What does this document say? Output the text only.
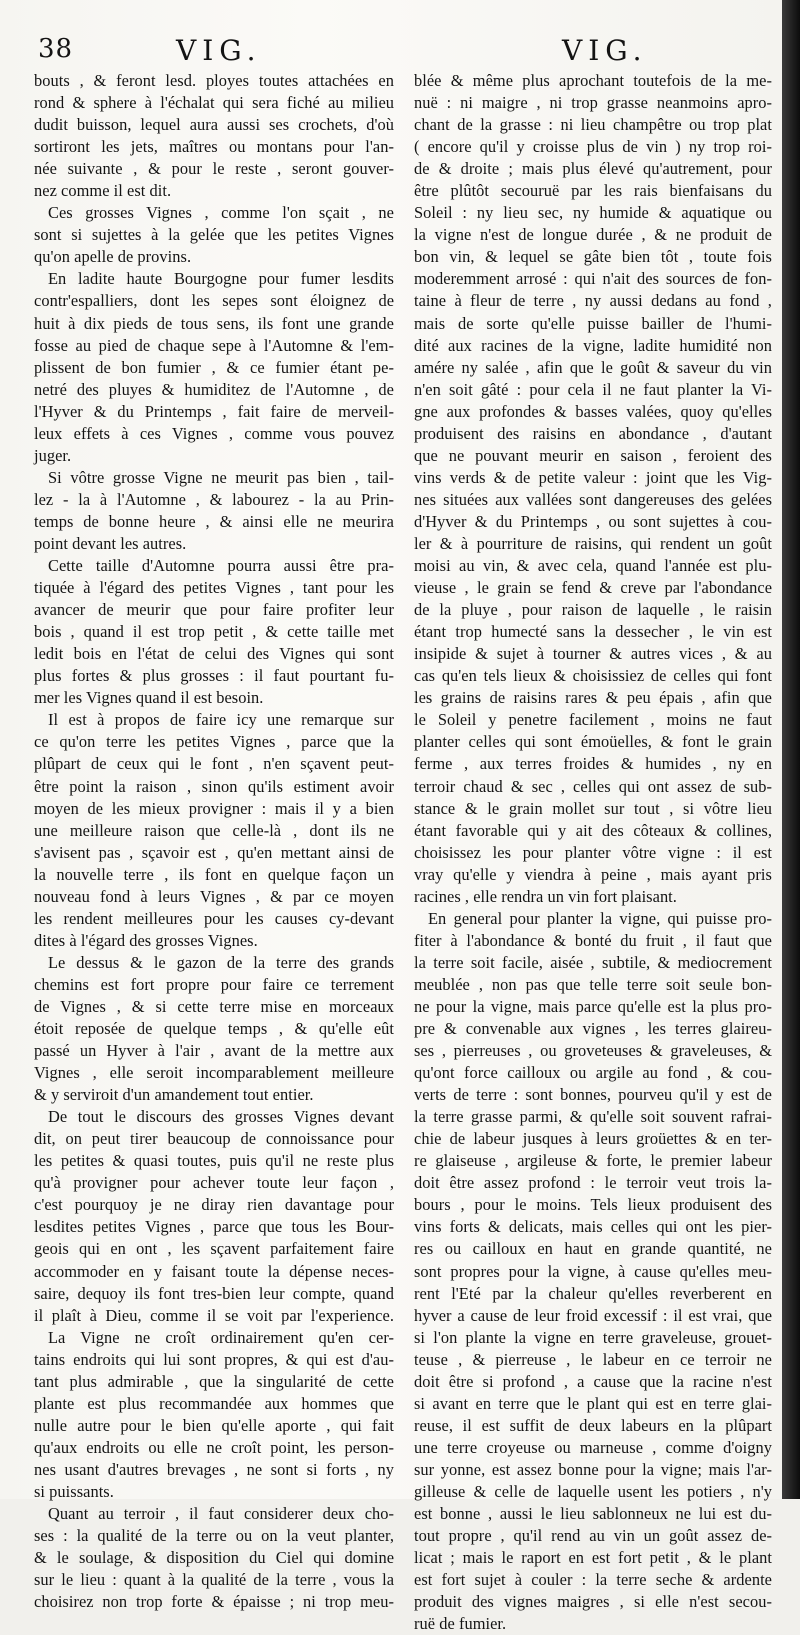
38	VIG.	VIG.
bouts , & feront lesd. ployes toutes attachées en
rond & sphere à l'échalat qui sera fiché au milieu
dudit buisson, lequel aura aussi ses crochets, d'où
sortiront les jets, maîtres ou montans pour l'an-
née suivante , & pour le reste , seront gouver-
nez comme il est dit.
Ces grosses Vignes , comme l'on sçait , ne
sont si sujettes à la gelée que les petites Vignes
qu'on apelle de provins.
En ladite haute Bourgogne pour fumer lesdits
contr'espalliers, dont les sepes sont éloignez de
huit à dix pieds de tous sens, ils font une grande
fosse au pied de chaque sepe à l'Automne & l'em-
plissent de bon fumier , & ce fumier étant pe-
netré des pluyes & humiditez de l'Automne , de
l'Hyver & du Printemps , fait faire de merveil-
leux effets à ces Vignes , comme vous pouvez
juger.
Si vôtre grosse Vigne ne meurit pas bien , tail-
lez - la à l'Automne , & labourez - la au Prin-
temps de bonne heure , & ainsi elle ne meurira
point devant les autres.
Cette taille d'Automne pourra aussi être pra-
tiquée à l'égard des petites Vignes , tant pour les
avancer de meurir que pour faire profiter leur
bois , quand il est trop petit , & cette taille met
ledit bois en l'état de celui des Vignes qui sont
plus fortes & plus grosses : il faut pourtant fu-
mer les Vignes quand il est besoin.
Il est à propos de faire icy une remarque sur
ce qu'on terre les petites Vignes , parce que la
plûpart de ceux qui le font , n'en sçavent peut-
être point la raison , sinon qu'ils estiment avoir
moyen de les mieux provigner : mais il y a bien
une meilleure raison que celle-là , dont ils ne
s'avisent pas , sçavoir est , qu'en mettant ainsi de
la nouvelle terre , ils font en quelque façon un
nouveau fond à leurs Vignes , & par ce moyen
les rendent meilleures pour les causes cy-devant
dites à l'égard des grosses Vignes.
Le dessus & le gazon de la terre des grands
chemins est fort propre pour faire ce terrement
de Vignes , & si cette terre mise en morceaux
étoit reposée de quelque temps , & qu'elle eût
passé un Hyver à l'air , avant de la mettre aux
Vignes , elle seroit incomparablement meilleure
& y serviroit d'un amandement tout entier.
De tout le discours des grosses Vignes devant
dit, on peut tirer beaucoup de connoissance pour
les petites & quasi toutes, puis qu'il ne reste plus
qu'à provigner pour achever toute leur façon ,
c'est pourquoy je ne diray rien davantage pour
lesdites petites Vignes , parce que tous les Bour-
geois qui en ont , les sçavent parfaitement faire
accommoder en y faisant toute la dépense neces-
saire, dequoy ils font tres-bien leur compte, quand
il plaît à Dieu, comme il se voit par l'experience.
La Vigne ne croît ordinairement qu'en cer-
tains endroits qui lui sont propres, & qui est d'au-
tant plus admirable , que la singularité de cette
plante est plus recommandée aux hommes que
nulle autre pour le bien qu'elle aporte , qui fait
qu'aux endroits ou elle ne croît point, les person-
nes usant d'autres brevages , ne sont si forts , ny
si puissants.
Quant au terroir , il faut considerer deux cho-
ses : la qualité de la terre ou on la veut planter,
& le soulage, & disposition du Ciel qui domine
sur le lieu : quant à la qualité de la terre , vous la
choisirez non trop forte & épaisse ; ni trop meu-
blée & même plus aprochant toutefois de la me-
nuë : ni maigre , ni trop grasse neanmoins apro-
chant de la grasse : ni lieu champêtre ou trop plat
( encore qu'il y croisse plus de vin ) ny trop roi-
de & droite ; mais plus élevé qu'autrement, pour
être plûtôt secouruë par les rais bienfaisans du
Soleil : ny lieu sec, ny humide & aquatique ou
la vigne n'est de longue durée , & ne produit de
bon vin, & lequel se gâte bien tôt , toute fois
moderemment arrosé : qui n'ait des sources de fon-
taine à fleur de terre , ny aussi dedans au fond ,
mais de sorte qu'elle puisse bailler de l'humi-
dité aux racines de la vigne, ladite humidité non
amére ny salée , afin que le goût & saveur du vin
n'en soit gâté : pour cela il ne faut planter la Vi-
gne aux profondes & basses valées, quoy qu'elles
produisent des raisins en abondance , d'autant
que ne pouvant meurir en saison , feroient des
vins verds & de petite valeur : joint que les Vig-
nes situées aux vallées sont dangereuses des gelées
d'Hyver & du Printemps , ou sont sujettes à cou-
ler & à pourriture de raisins, qui rendent un goût
moisi au vin, & avec cela, quand l'année est plu-
vieuse , le grain se fend & creve par l'abondance
de la pluye , pour raison de laquelle , le raisin
étant trop humecté sans la dessecher , le vin est
insipide & sujet à tourner & autres vices , & au
cas qu'en tels lieux & choisissiez de celles qui font
les grains de raisins rares & peu épais , afin que
le Soleil y penetre facilement , moins ne faut
planter celles qui sont émoüelles, & font le grain
ferme , aux terres froides & humides , ny en
terroir chaud & sec , celles qui ont assez de sub-
stance & le grain mollet sur tout , si vôtre lieu
étant favorable qui y ait des côteaux & collines,
choisissez les pour planter vôtre vigne : il est
vray qu'elle y viendra à peine , mais ayant pris
racines , elle rendra un vin fort plaisant.
En general pour planter la vigne, qui puisse pro-
fiter à l'abondance & bonté du fruit , il faut que
la terre soit facile, aisée , subtile, & mediocrement
meublée , non pas que telle terre soit seule bon-
ne pour la vigne, mais parce qu'elle est la plus pro-
pre & convenable aux vignes , les terres glaireu-
ses , pierreuses , ou groveteuses & graveleuses, &
qu'ont force cailloux ou argile au fond , & cou-
verts de terre : sont bonnes, pourveu qu'il y est de
la terre grasse parmi, & qu'elle soit souvent rafrai-
chie de labeur jusques à leurs groüettes & en ter-
re glaiseuse , argileuse & forte, le premier labeur
doit être assez profond : le terroir veut trois la-
bours , pour le moins. Tels lieux produisent des
vins forts & delicats, mais celles qui ont les pier-
res ou cailloux en haut en grande quantité, ne
sont propres pour la vigne, à cause qu'elles meu-
rent l'Eté par la chaleur qu'elles reverberent en
hyver a cause de leur froid excessif : il est vrai, que
si l'on plante la vigne en terre graveleuse, grouet-
teuse , & pierreuse , le labeur en ce terroir ne
doit être si profond , a cause que la racine n'est
si avant en terre que le plant qui est en terre glai-
reuse, il est suffit de deux labeurs en la plûpart
une terre croyeuse ou marneuse , comme d'oigny
sur yonne, est assez bonne pour la vigne; mais l'ar-
gilleuse & celle de laquelle usent les potiers , n'y
est bonne , aussi le lieu sablonneux ne lui est du-
tout propre , qu'il rend au vin un goût assez de-
licat ; mais le raport en est fort petit , & le plant
est fort sujet à couler : la terre seche & ardente
produit des vignes maigres , si elle n'est secou-
ruë de fumier.
